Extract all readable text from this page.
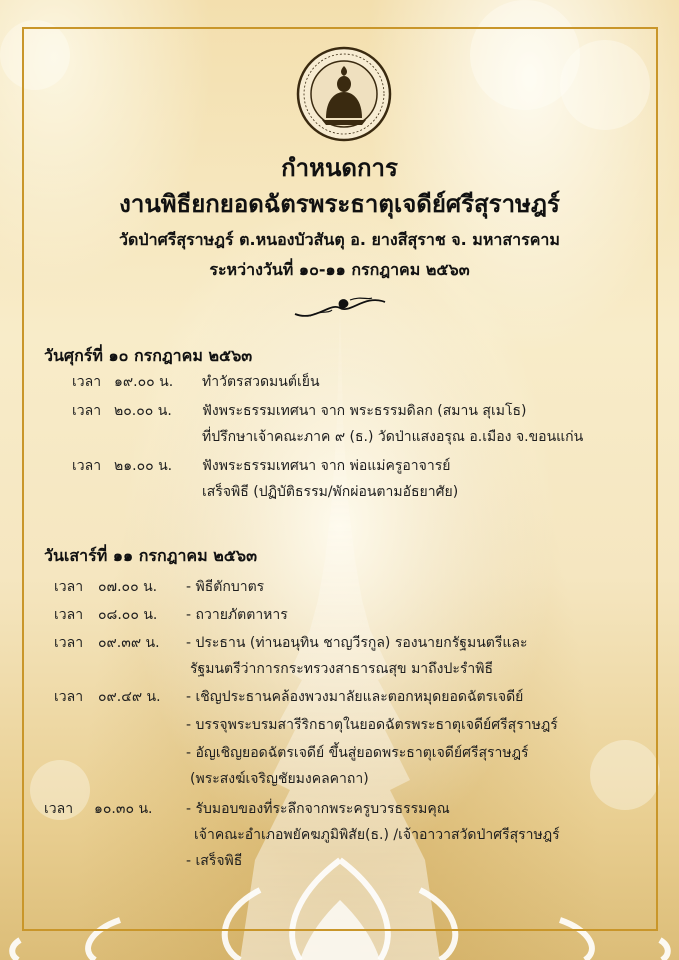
กำหนดการ
งานพิธียกยอดฉัตรพระธาตุเจดีย์ศรีสุราษฎร์
วัดป่าศรีสุราษฎร์ ต.หนองบัวสันตุ อ. ยางสีสุราช จ. มหาสารคาม
ระหว่างวันที่ ๑๐-๑๑ กรกฎาคม ๒๕๖๓
วันศุกร์ที่ ๑๐ กรกฎาคม ๒๕๖๓
เวลา ๑๙.๐๐ น. ทำวัตรสวดมนต์เย็น
เวลา ๒๐.๐๐ น. ฟังพระธรรมเทศนา จาก พระธรรมดิลก (สมาน สุเมโธ)
ที่ปรึกษาเจ้าคณะภาค ๙ (ธ.) วัดป่าแสงอรุณ อ.เมือง จ.ขอนแก่น
เวลา ๒๑.๐๐ น. ฟังพระธรรมเทศนา จาก พ่อแม่ครูอาจารย์
เสร็จพิธี (ปฏิบัติธรรม/พักผ่อนตามอัธยาศัย)
วันเสาร์ที่ ๑๑ กรกฎาคม ๒๕๖๓
เวลา ๐๗.๐๐ น. - พิธีตักบาตร
เวลา ๐๘.๐๐ น. - ถวายภัตตาหาร
เวลา ๐๙.๓๙ น. - ประธาน (ท่านอนุทิน ชาญวีรกูล) รองนายกรัฐมนตรีและ
รัฐมนตรีว่าการกระทรวงสาธารณสุข มาถึงปะรำพิธี
เวลา ๐๙.๔๙ น. - เชิญประธานคล้องพวงมาลัยและตอกหมุดยอดฉัตรเจดีย์
- บรรจุพระบรมสารีริกธาตุในยอดฉัตรพระธาตุเจดีย์ศรีสุราษฎร์
- อัญเชิญยอดฉัตรเจดีย์ ขึ้นสู่ยอดพระธาตุเจดีย์ศรีสุราษฎร์
(พระสงฆ์เจริญชัยมงคลคาถา)
เวลา ๑๐.๓๐ น. - รับมอบของที่ระลึกจากพระครูบวรธรรมคุณ
เจ้าคณะอำเภอพยัคฆภูมิพิสัย(ธ.) /เจ้าอาวาสวัดป่าศรีสุราษฎร์
- เสร็จพิธี
